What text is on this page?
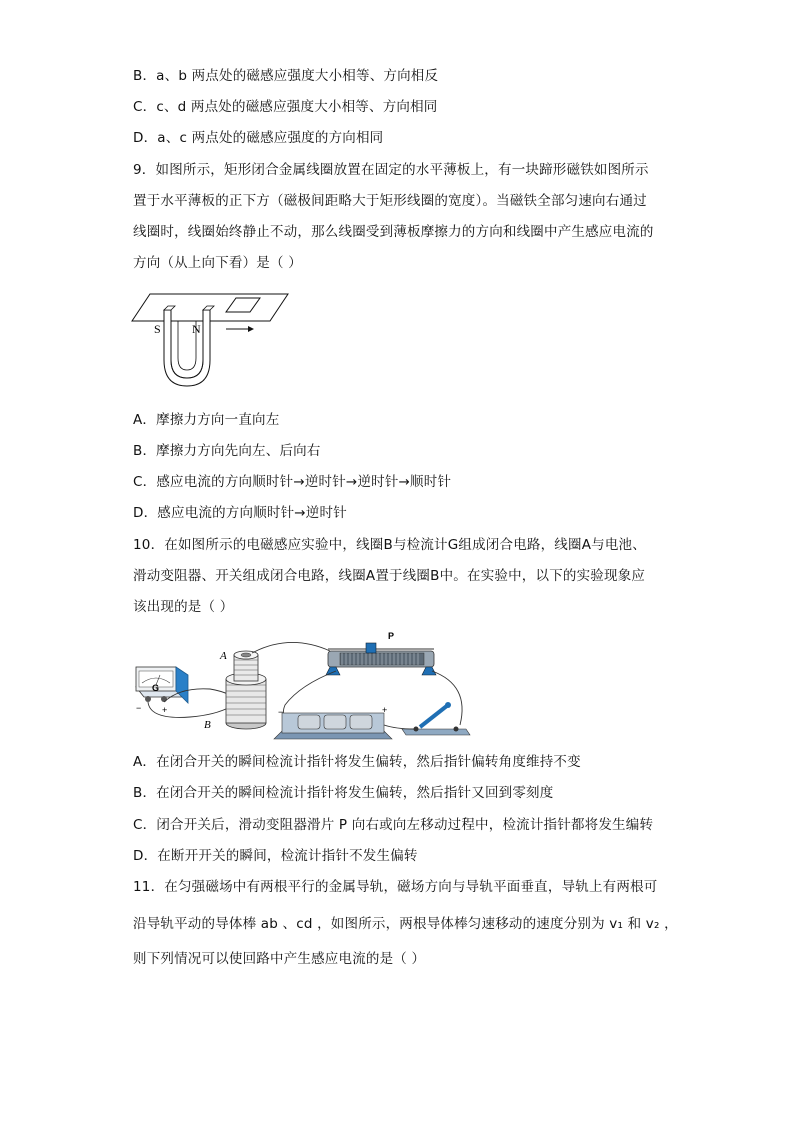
B．a、b 两点处的磁感应强度大小相等、方向相反
C．c、d 两点处的磁感应强度大小相等、方向相同
D．a、c 两点处的磁感应强度的方向相同
9．如图所示，矩形闭合金属线圈放置在固定的水平薄板上，有一块蹄形磁铁如图所示
置于水平薄板的正下方（磁极间距略大于矩形线圈的宽度）。当磁铁全部匀速向右通过
线圈时，线圈始终静止不动，那么线圈受到薄板摩擦力的方向和线圈中产生感应电流的
方向（从上向下看）是（ ）
S	N
A．摩擦力方向一直向左
B．摩擦力方向先向左、后向右
C．感应电流的方向顺时针→逆时针→逆时针→顺时针
D．感应电流的方向顺时针→逆时针
10．在如图所示的电磁感应实验中，线圈B与检流计G组成闭合电路，线圈A与电池、
滑动变阻器、开关组成闭合电路，线圈A置于线圈B中。在实验中，以下的实验现象应
该出现的是（ ）
G
− +
A
B
P
−	+
A．在闭合开关的瞬间检流计指针将发生偏转，然后指针偏转角度维持不变
B．在闭合开关的瞬间检流计指针将发生偏转，然后指针又回到零刻度
C．闭合开关后，滑动变阻器滑片 P 向右或向左移动过程中，检流计指针都将发生编转
D．在断开开关的瞬间，检流计指针不发生偏转
11．在匀强磁场中有两根平行的金属导轨，磁场方向与导轨平面垂直，导轨上有两根可
沿导轨平动的导体棒 ab 、cd ，如图所示，两根导体棒匀速移动的速度分别为 v₁ 和 v₂ ，
则下列情况可以使回路中产生感应电流的是（ ）
